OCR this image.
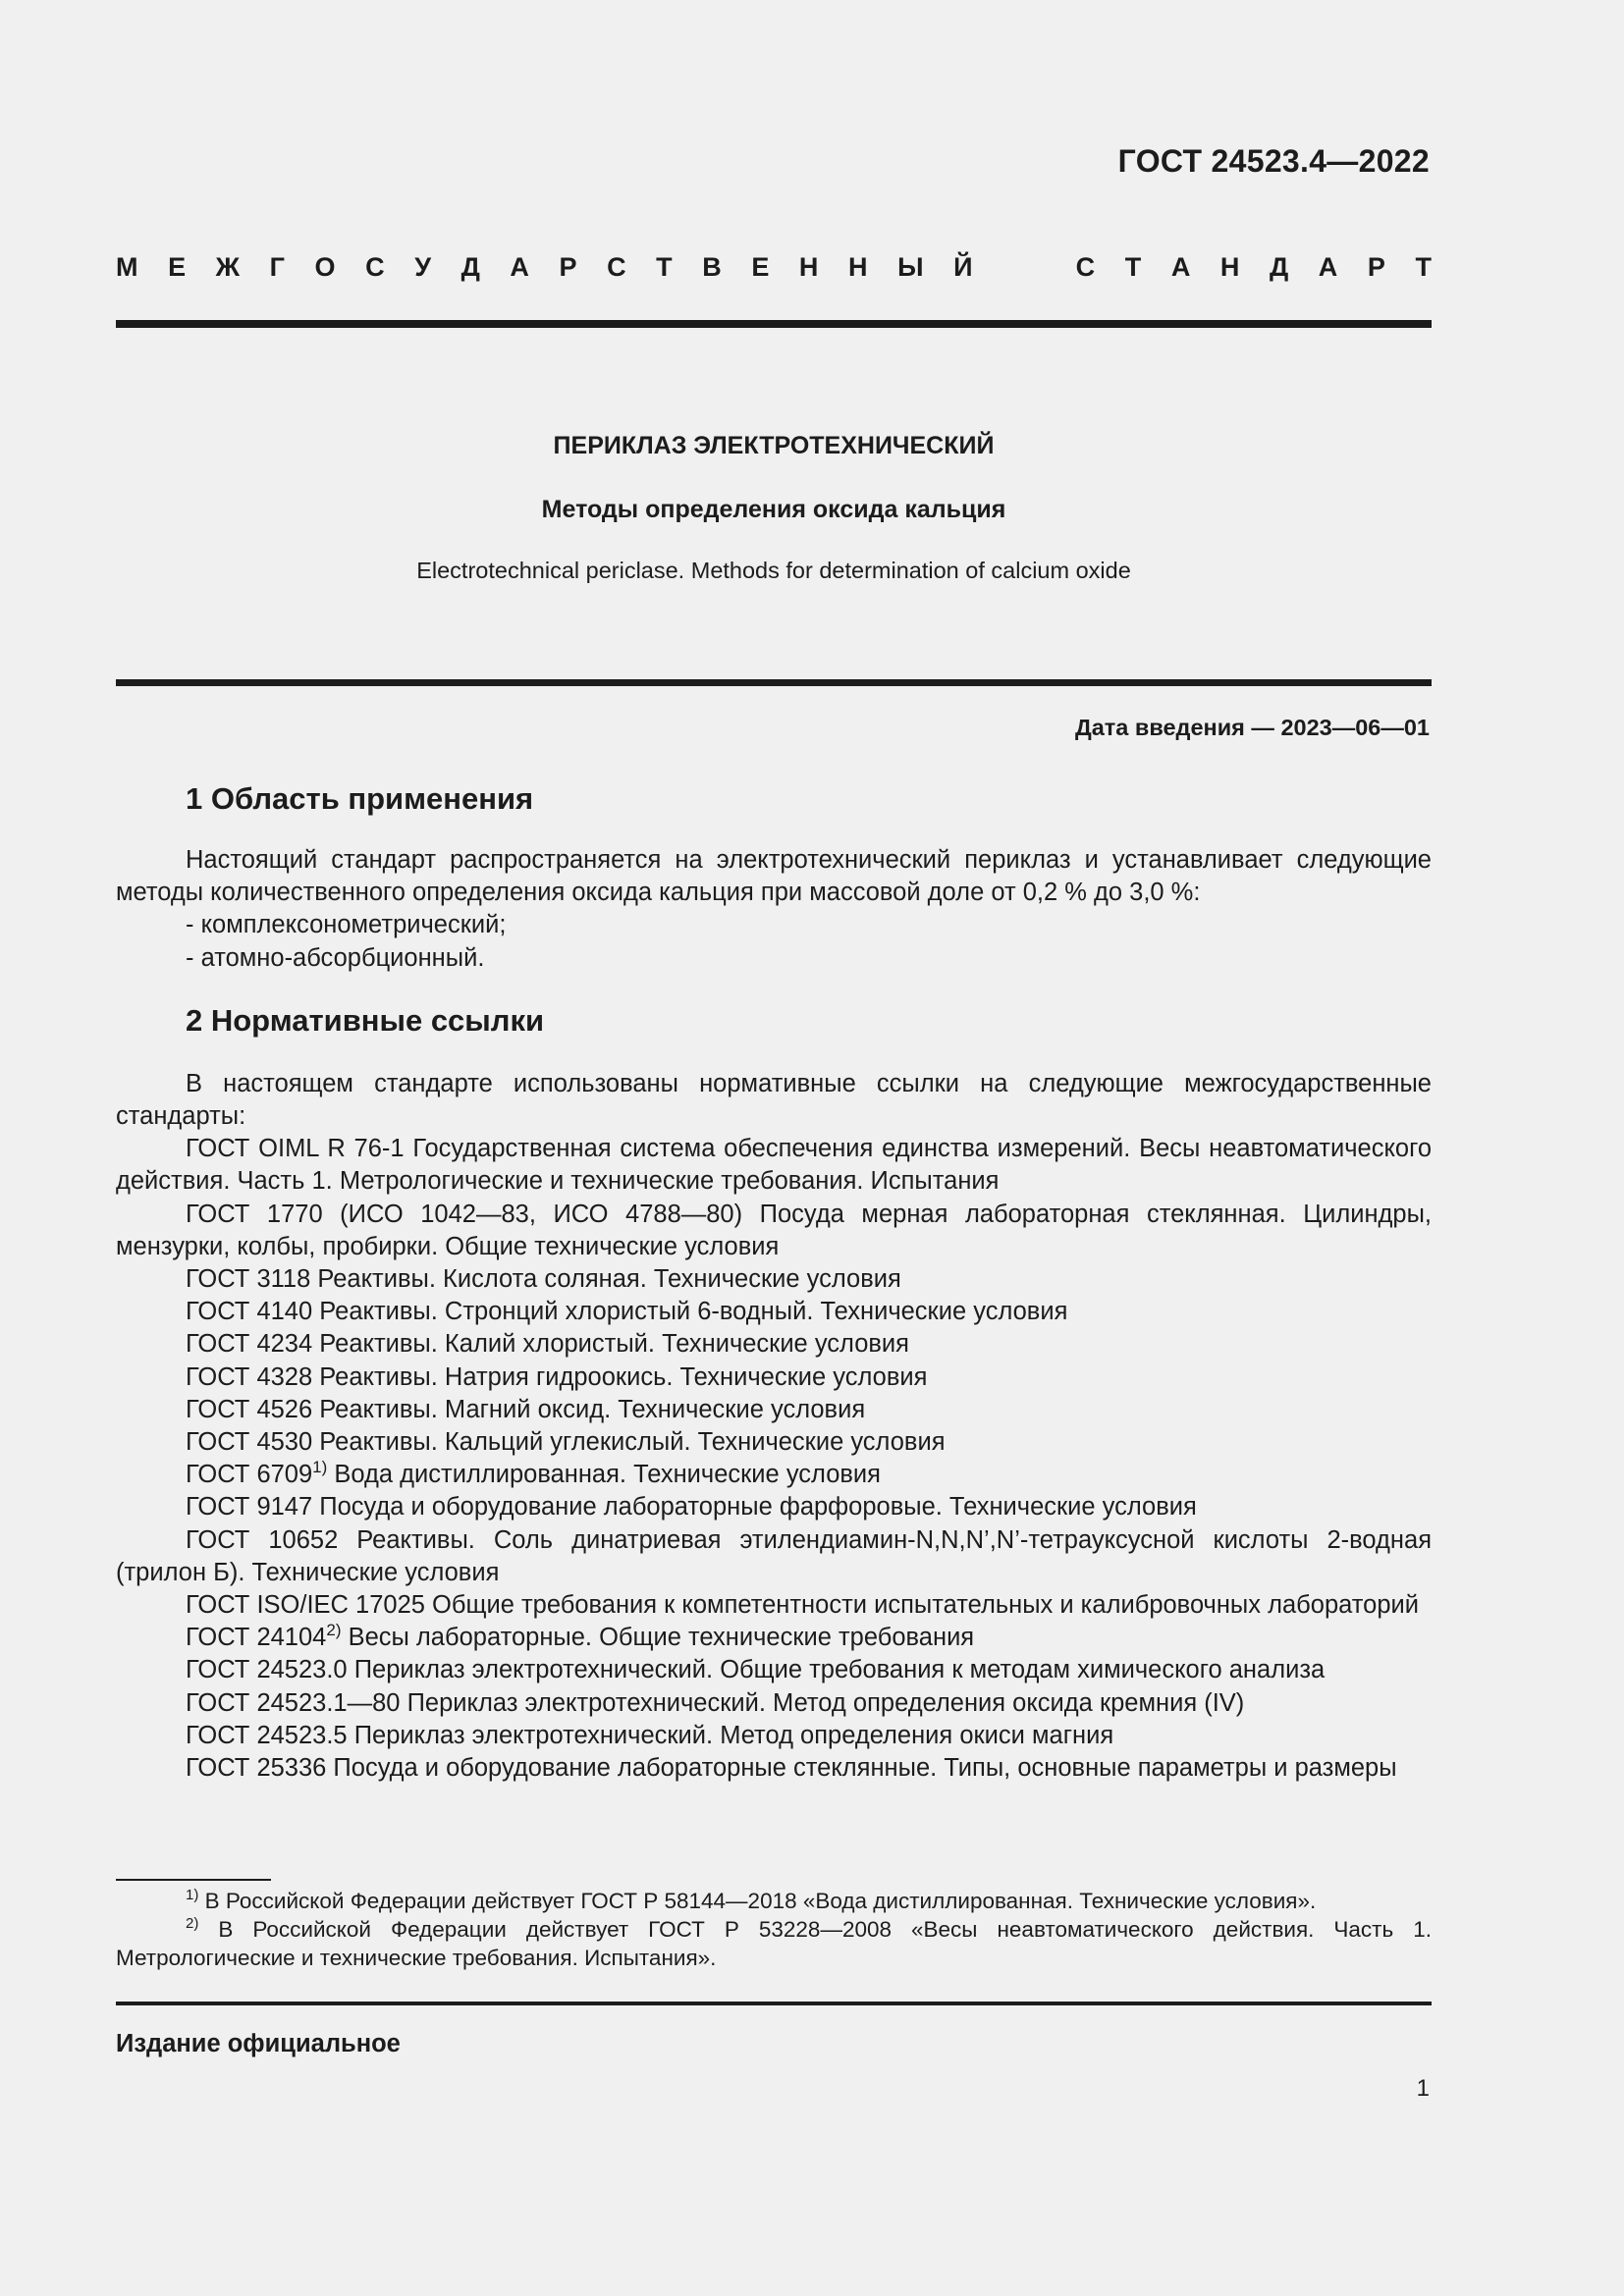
ГОСТ 24523.4—2022
М Е Ж Г О С У Д А Р С Т В Е Н Н Ы Й	С Т А Н Д А Р Т
ПЕРИКЛАЗ ЭЛЕКТРОТЕХНИЧЕСКИЙ
Методы определения оксида кальция
Electrotechnical periclase. Methods for determination of calcium oxide
Дата введения — 2023—06—01
1 Область применения
Настоящий стандарт распространяется на электротехнический периклаз и устанавливает следующие методы количественного определения оксида кальция при массовой доле от 0,2 % до 3,0 %:
- комплексонометрический;
- атомно-абсорбционный.
2 Нормативные ссылки
В настоящем стандарте использованы нормативные ссылки на следующие межгосударственные стандарты:
ГОСТ OIML R 76-1 Государственная система обеспечения единства измерений. Весы неавтоматического действия. Часть 1. Метрологические и технические требования. Испытания
ГОСТ 1770 (ИСО 1042—83, ИСО 4788—80) Посуда мерная лабораторная стеклянная. Цилиндры, мензурки, колбы, пробирки. Общие технические условия
ГОСТ 3118 Реактивы. Кислота соляная. Технические условия
ГОСТ 4140 Реактивы. Стронций хлористый 6-водный. Технические условия
ГОСТ 4234 Реактивы. Калий хлористый. Технические условия
ГОСТ 4328 Реактивы. Натрия гидроокись. Технические условия
ГОСТ 4526 Реактивы. Магний оксид. Технические условия
ГОСТ 4530 Реактивы. Кальций углекислый. Технические условия
ГОСТ 6709$^{1)}$ Вода дистиллированная. Технические условия
ГОСТ 9147 Посуда и оборудование лабораторные фарфоровые. Технические условия
ГОСТ 10652 Реактивы. Соль динатриевая этилендиамин-N,N,N’,N’-тетрауксусной кислоты 2-водная (трилон Б). Технические условия
ГОСТ ISO/IEC 17025 Общие требования к компетентности испытательных и калибровочных лабораторий
ГОСТ 24104$^{2)}$ Весы лабораторные. Общие технические требования
ГОСТ 24523.0 Периклаз электротехнический. Общие требования к методам химического анализа
ГОСТ 24523.1—80 Периклаз электротехнический. Метод определения оксида кремния (IV)
ГОСТ 24523.5 Периклаз электротехнический. Метод определения окиси магния
ГОСТ 25336 Посуда и оборудование лабораторные стеклянные. Типы, основные параметры и размеры
$^{1)}$ В Российской Федерации действует ГОСТ Р 58144—2018 «Вода дистиллированная. Технические условия».
$^{2)}$ В Российской Федерации действует ГОСТ Р 53228—2008 «Весы неавтоматического действия. Часть 1. Метрологические и технические требования. Испытания».
Издание официальное
1
